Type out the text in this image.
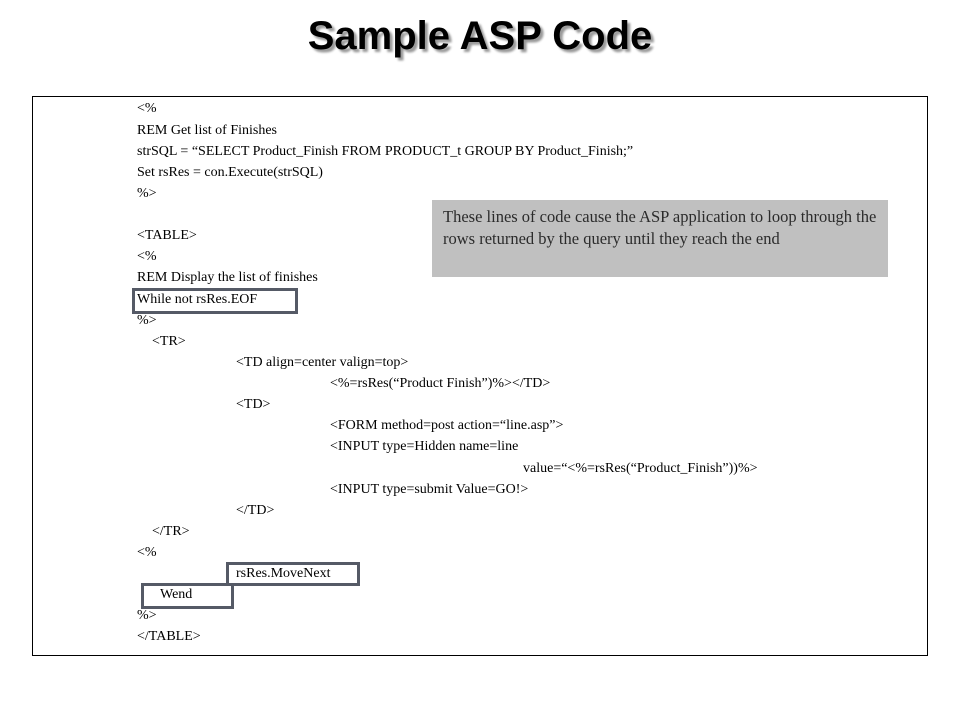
Sample ASP Code
<%
REM Get list of Finishes
strSQL = “SELECT Product_Finish FROM PRODUCT_t GROUP BY Product_Finish;”
Set rsRes = con.Execute(strSQL)
%>
<TABLE>
<%
REM Display the list of finishes
While not rsRes.EOF
%>
<TR>
<TD align=center valign=top>
<%=rsRes(“Product Finish”)%></TD>
<TD>
<FORM method=post action=“line.asp”>
<INPUT type=Hidden name=line
value=“<%=rsRes(“Product_Finish”))%>
<INPUT type=submit Value=GO!>
</TD>
</TR>
<%
rsRes.MoveNext
Wend
%>
</TABLE>
These lines of code cause the ASP application to loop through the rows returned by the query until they reach the end
